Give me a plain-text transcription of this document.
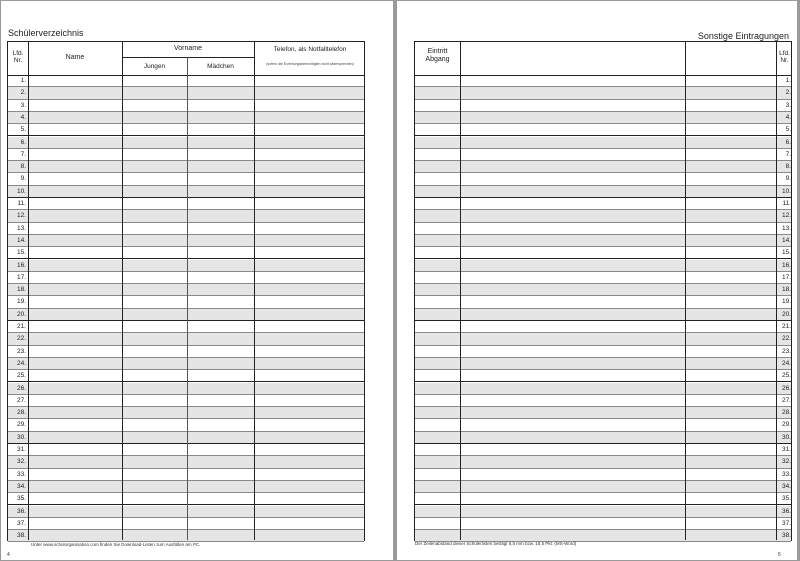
Schülerverzeichnis
Lfd.
Nr.	Name
Vorname
Jungen	Mädchen
Telefon, als Notfalltelefon
(sofern die Erziehungsberechtigten nicht widersprechen)
1.
2.
3.
4.
5.
6.
7.
8.
9.
10.
11.
12.
13.
14.
15.
16.
17.
18.
19.
20.
21.
22.
23.
24.
25.
26.
27.
28.
29.
30.
31.
32.
33.
34.
35.
36.
37.
38.
Unter www.schulorganisation.com finden Sie Download-Listen zum Ausfüllen am PC.
4
Sonstige Eintragungen
Eintritt
Abgang
Lfd.
Nr.
1.
2.
3.
4.
5.
6.
7.
8.
9.
10.
11.
12.
13.
14.
15.
16.
17.
18.
19.
20.
21.
22.
23.
24.
25.
26.
27.
28.
29.
30.
31.
32.
33.
34.
35.
36.
37.
38.
Der Zeilenabstand dieser Schülerlisten beträgt 6,5 mm bzw. 18,5 Pkt. (MS-Word)
5
